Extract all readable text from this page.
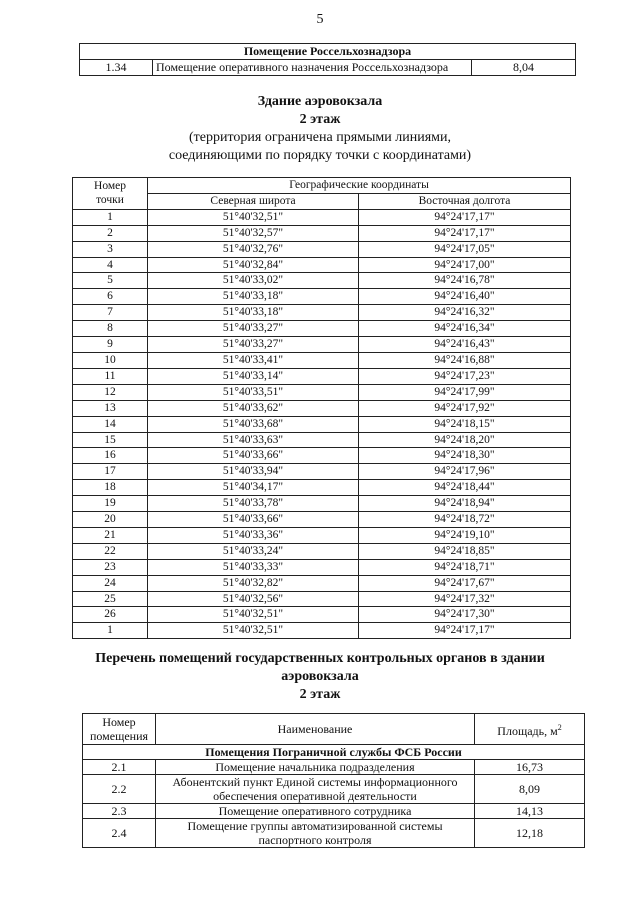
5
Помещение Россельхознадзора
1.34	Помещение оперативного назначения Россельхознадзора	8,04
Здание аэровокзала
2 этаж
(территория ограничена прямыми линиями,
соединяющими по порядку точки с координатами)
Номер
точки	Географические координаты	
	Северная широта	Восточная долгота
1	51°40'32,51"	94°24'17,17"
2	51°40'32,57"	94°24'17,17"
3	51°40'32,76"	94°24'17,05"
4	51°40'32,84"	94°24'17,00"
5	51°40'33,02"	94°24'16,78"
6	51°40'33,18"	94°24'16,40"
7	51°40'33,18"	94°24'16,32"
8	51°40'33,27"	94°24'16,34"
9	51°40'33,27"	94°24'16,43"
10	51°40'33,41"	94°24'16,88"
11	51°40'33,14"	94°24'17,23"
12	51°40'33,51"	94°24'17,99"
13	51°40'33,62"	94°24'17,92"
14	51°40'33,68"	94°24'18,15"
15	51°40'33,63"	94°24'18,20"
16	51°40'33,66"	94°24'18,30"
17	51°40'33,94"	94°24'17,96"
18	51°40'34,17"	94°24'18,44"
19	51°40'33,78"	94°24'18,94"
20	51°40'33,66"	94°24'18,72"
21	51°40'33,36"	94°24'19,10"
22	51°40'33,24"	94°24'18,85"
23	51°40'33,33"	94°24'18,71"
24	51°40'32,82"	94°24'17,67"
25	51°40'32,56"	94°24'17,32"
26	51°40'32,51"	94°24'17,30"
1	51°40'32,51"	94°24'17,17"
Перечень помещений государственных контрольных органов в здании
аэровокзала
2 этаж
Номер
помещения	Наименование	Площадь, $м^2$
Помещения Пограничной службы ФСБ России		
2.1	Помещение начальника подразделения	16,73
2.2	Абонентский пункт Единой системы информационного
обеспечения оперативной деятельности	8,09
2.3	Помещение оперативного сотрудника	14,13
2.4	Помещение группы автоматизированной системы
паспортного контроля	12,18
